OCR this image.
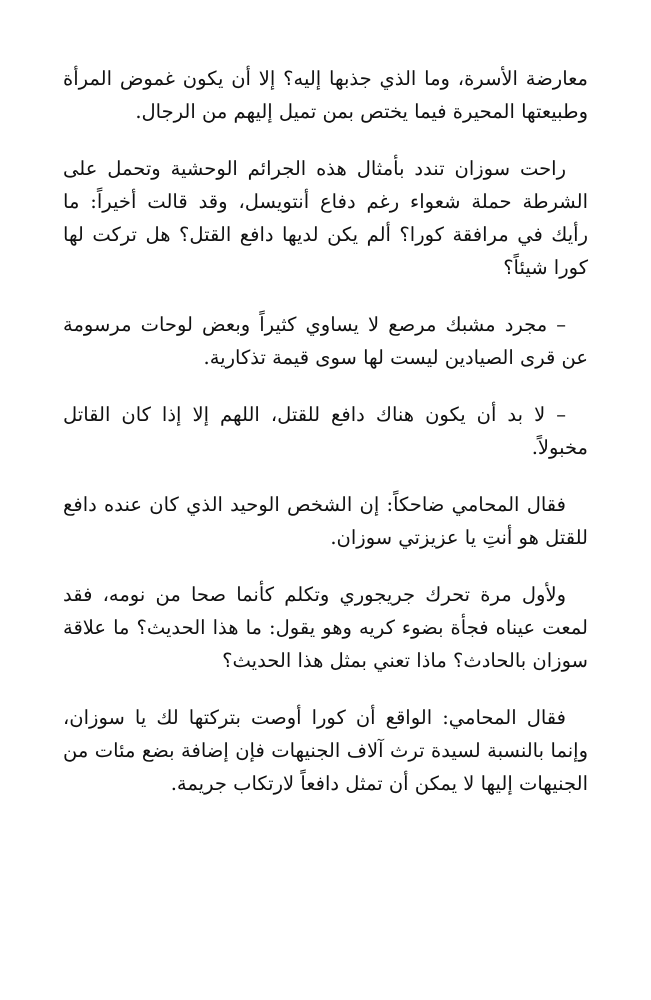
معارضة الأسرة، وما الذي جذبها إليه؟ إلا أن يكون غموض المرأة وطبيعتها المحيرة فيما يختص بمن تميل إليهم من الرجال.

راحت سوزان تندد بأمثال هذه الجرائم الوحشية وتحمل على الشرطة حملة شعواء رغم دفاع أنتويسل، وقد قالت أخيراً: ما رأيك في مرافقة كورا؟ ألم يكن لديها دافع القتل؟ هل تركت لها كورا شيئاً؟

– مجرد مشبك مرصع لا يساوي كثيراً وبعض لوحات مرسومة عن قرى الصيادين ليست لها سوى قيمة تذكارية.

– لا بد أن يكون هناك دافع للقتل، اللهم إلا إذا كان القاتل مخبولاً.

فقال المحامي ضاحكاً: إن الشخص الوحيد الذي كان عنده دافع للقتل هو أنتِ يا عزيزتي سوزان.

ولأول مرة تحرك جريجوري وتكلم كأنما صحا من نومه، فقد لمعت عيناه فجأة بضوء كريه وهو يقول: ما هذا الحديث؟ ما علاقة سوزان بالحادث؟ ماذا تعني بمثل هذا الحديث؟

فقال المحامي: الواقع أن كورا أوصت بتركتها لك يا سوزان، وإنما بالنسبة لسيدة ترث آلاف الجنيهات فإن إضافة بضع مئات من الجنيهات إليها لا يمكن أن تمثل دافعاً لارتكاب جريمة.
